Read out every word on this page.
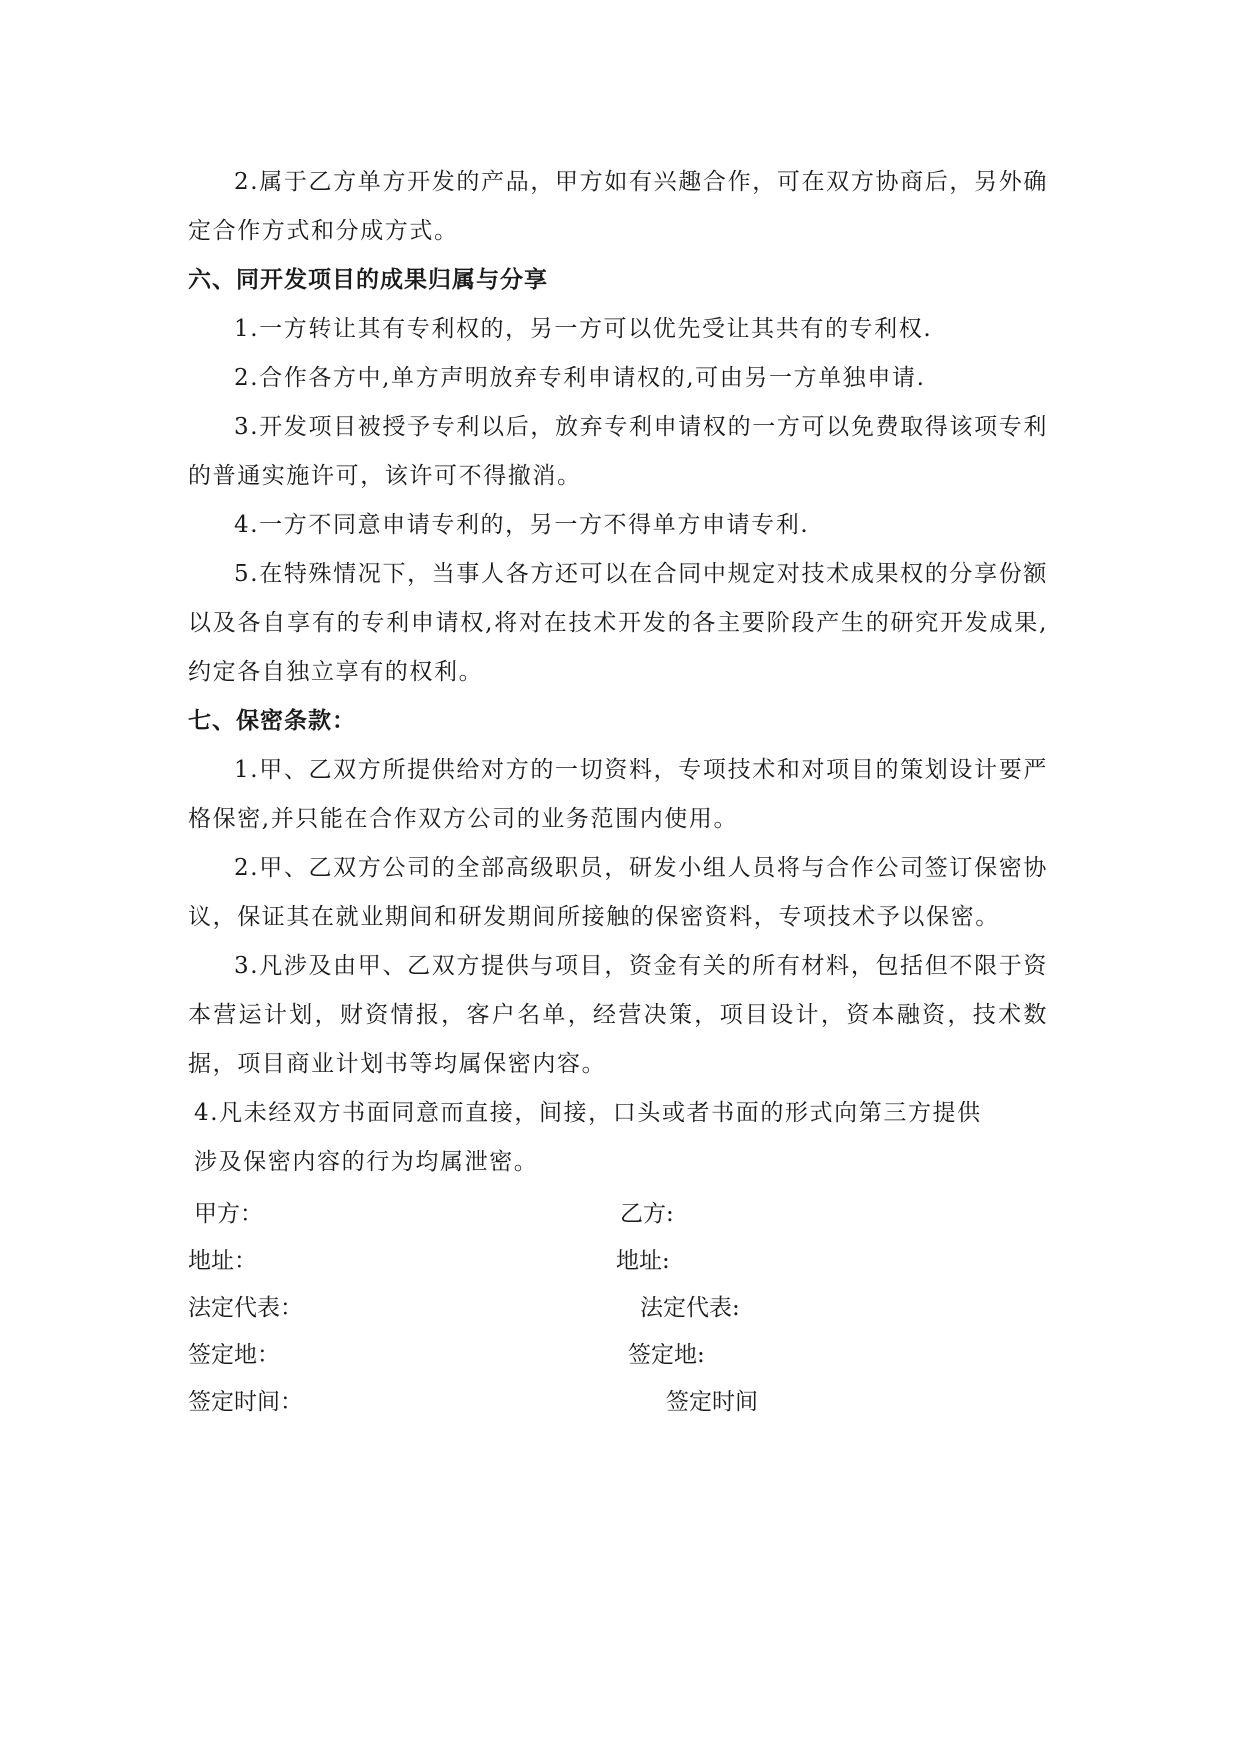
2.属于乙方单方开发的产品，甲方如有兴趣合作，可在双方协商后，另外确定合作方式和分成方式。

六、同开发项目的成果归属与分享

1.一方转让其有专利权的，另一方可以优先受让其共有的专利权.

2.合作各方中,单方声明放弃专利申请权的,可由另一方单独申请.

3.开发项目被授予专利以后，放弃专利申请权的一方可以免费取得该项专利的普通实施许可，该许可不得撤消。

4.一方不同意申请专利的，另一方不得单方申请专利.

5.在特殊情况下，当事人各方还可以在合同中规定对技术成果权的分享份额以及各自享有的专利申请权,将对在技术开发的各主要阶段产生的研究开发成果,约定各自独立享有的权利。

七、保密条款：

1.甲、乙双方所提供给对方的一切资料，专项技术和对项目的策划设计要严格保密,并只能在合作双方公司的业务范围内使用。

2.甲、乙双方公司的全部高级职员，研发小组人员将与合作公司签订保密协议，保证其在就业期间和研发期间所接触的保密资料，专项技术予以保密。

3.凡涉及由甲、乙双方提供与项目，资金有关的所有材料，包括但不限于资本营运计划，财资情报，客户名单，经营决策，项目设计，资本融资，技术数据，项目商业计划书等均属保密内容。

4.凡未经双方书面同意而直接，间接，口头或者书面的形式向第三方提供

涉及保密内容的行为均属泄密。

甲方：	乙方:
地址：	地址:
法定代表：	法定代表:
签定地：	签定地:
签定时间：	签定时间
